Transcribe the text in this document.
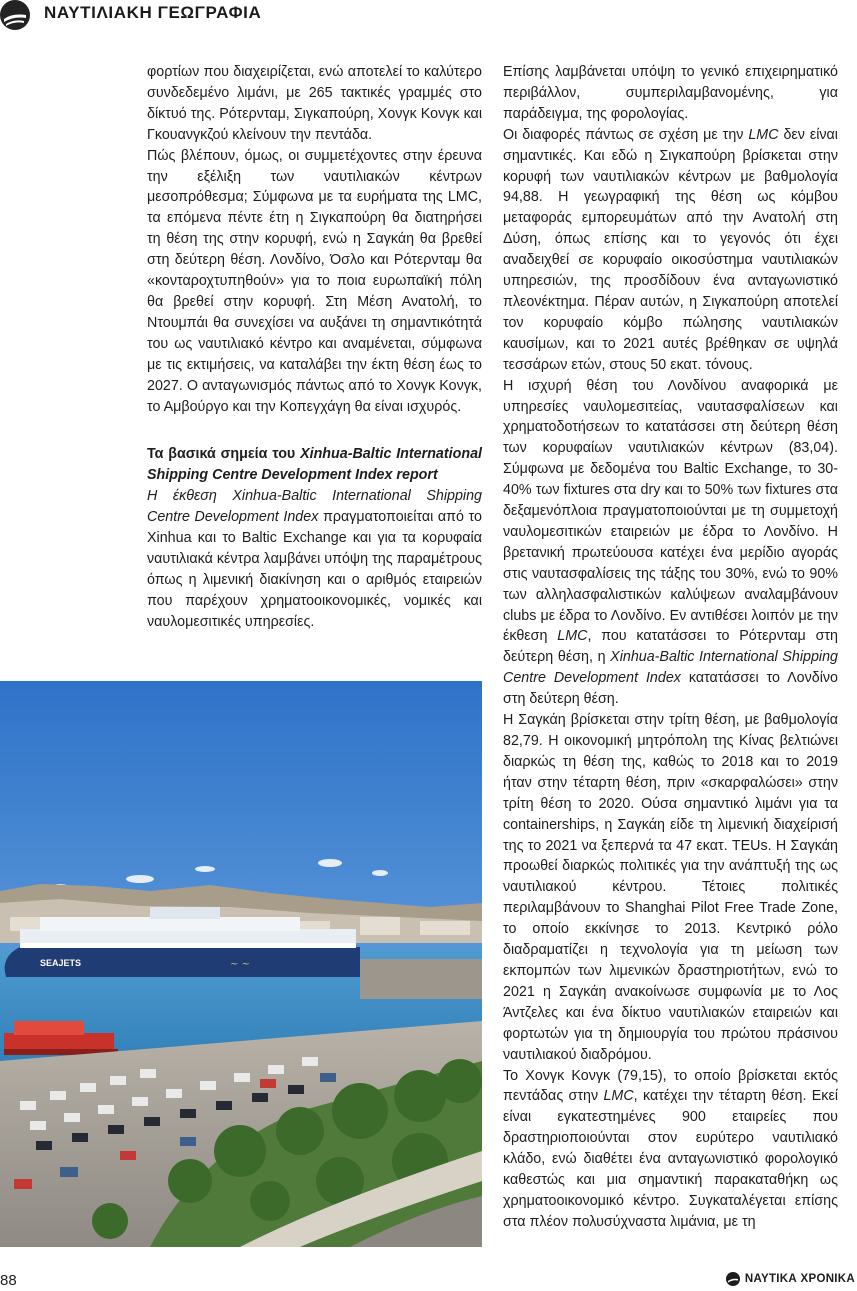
ΝΑΥΤΙΛΙΑΚΗ ΓΕΩΓΡΑΦΙΑ

φορτίων που διαχειρίζεται, ενώ αποτελεί το καλύτερο συνδεδεμένο λιμάνι, με 265 τακτικές γραμμές στο δίκτυό της. Ρότερνταμ, Σιγκαπούρη, Χονγκ Κονγκ και Γκουανγκζού κλείνουν την πεντάδα.

Πώς βλέπουν, όμως, οι συμμετέχοντες στην έρευνα την εξέλιξη των ναυτιλιακών κέντρων μεσοπρόθεσμα; Σύμφωνα με τα ευρήματα της LMC, τα επόμενα πέντε έτη η Σιγκαπούρη θα διατηρήσει τη θέση της στην κορυφή, ενώ η Σαγκάη θα βρεθεί στη δεύτερη θέση. Λονδίνο, Όσλο και Ρότερνταμ θα «κονταροχτυπηθούν» για το ποια ευρωπαϊκή πόλη θα βρεθεί στην κορυφή. Στη Μέση Ανατολή, το Ντουμπάι θα συνεχίσει να αυξάνει τη σημαντικότητά του ως ναυτιλιακό κέντρο και αναμένεται, σύμφωνα με τις εκτιμήσεις, να καταλάβει την έκτη θέση έως το 2027. Ο ανταγωνισμός πάντως από το Χονγκ Κονγκ, το Αμβούργο και την Κοπεγχάγη θα είναι ισχυρός.

Τα βασικά σημεία του Xinhua-Baltic International Shipping Centre Development Index report

Η έκθεση Xinhua-Baltic International Shipping Centre Development Index πραγματοποιείται από το Xinhua και το Baltic Exchange και για τα κορυφαία ναυτιλιακά κέντρα λαμβάνει υπόψη της παραμέτρους όπως η λιμενική διακίνηση και ο αριθμός εταιρειών που παρέχουν χρηματοοικονομικές, νομικές και ναυλομεσιτικές υπηρεσίες.

Επίσης λαμβάνεται υπόψη το γενικό επιχειρηματικό περιβάλλον, συμπεριλαμβανομένης, για παράδειγμα, της φορολογίας.

Οι διαφορές πάντως σε σχέση με την LMC δεν είναι σημαντικές. Και εδώ η Σιγκαπούρη βρίσκεται στην κορυφή των ναυτιλιακών κέντρων με βαθμολογία 94,88. Η γεωγραφική της θέση ως κόμβου μεταφοράς εμπορευμάτων από την Ανατολή στη Δύση, όπως επίσης και το γεγονός ότι έχει αναδειχθεί σε κορυφαίο οικοσύστημα ναυτιλιακών υπηρεσιών, της προσδίδουν ένα ανταγωνιστικό πλεονέκτημα. Πέραν αυτών, η Σιγκαπούρη αποτελεί τον κορυφαίο κόμβο πώλησης ναυτιλιακών καυσίμων, και το 2021 αυτές βρέθηκαν σε υψηλά τεσσάρων ετών, στους 50 εκατ. τόνους.

Η ισχυρή θέση του Λονδίνου αναφορικά με υπηρεσίες ναυλομεσιτείας, ναυτασφαλίσεων και χρηματοδοτήσεων το κατατάσσει στη δεύτερη θέση των κορυφαίων ναυτιλιακών κέντρων (83,04). Σύμφωνα με δεδομένα του Baltic Exchange, το 30-40% των fixtures στα dry και το 50% των fixtures στα δεξαμενόπλοια πραγματοποιούνται με τη συμμετοχή ναυλομεσιτικών εταιρειών με έδρα το Λονδίνο. Η βρετανική πρωτεύουσα κατέχει ένα μερίδιο αγοράς στις ναυτασφαλίσεις της τάξης του 30%, ενώ το 90% των αλληλασφαλιστικών καλύψεων αναλαμβάνουν clubs με έδρα το Λονδίνο. Εν αντιθέσει λοιπόν με την έκθεση LMC, που κατατάσσει το Ρότερνταμ στη δεύτερη θέση, η Xinhua-Baltic International Shipping Centre Development Index κατατάσσει το Λονδίνο στη δεύτερη θέση.

Η Σαγκάη βρίσκεται στην τρίτη θέση, με βαθμολογία 82,79. Η οικονομική μητρόπολη της Κίνας βελτιώνει διαρκώς τη θέση της, καθώς το 2018 και το 2019 ήταν στην τέταρτη θέση, πριν «σκαρφαλώσει» στην τρίτη θέση το 2020. Ούσα σημαντικό λιμάνι για τα containerships, η Σαγκάη είδε τη λιμενική διαχείρισή της το 2021 να ξεπερνά τα 47 εκατ. TEUs. Η Σαγκάη προωθεί διαρκώς πολιτικές για την ανάπτυξή της ως ναυτιλιακού κέντρου. Τέτοιες πολιτικές περιλαμβάνουν το Shanghai Pilot Free Trade Zone, το οποίο εκκίνησε το 2013. Κεντρικό ρόλο διαδραματίζει η τεχνολογία για τη μείωση των εκπομπών των λιμενικών δραστηριοτήτων, ενώ το 2021 η Σαγκάη ανακοίνωσε συμφωνία με το Λος Άντζελες και ένα δίκτυο ναυτιλιακών εταιρειών και φορτωτών για τη δημιουργία του πρώτου πράσινου ναυτιλιακού διαδρόμου.

Το Χονγκ Κονγκ (79,15), το οποίο βρίσκεται εκτός πεντάδας στην LMC, κατέχει την τέταρτη θέση. Εκεί είναι εγκατεστημένες 900 εταιρείες που δραστηριοποιούνται στον ευρύτερο ναυτιλιακό κλάδο, ενώ διαθέτει ένα ανταγωνιστικό φορολογικό καθεστώς και μια σημαντική παρακαταθήκη ως χρηματοοικονομικό κέντρο. Συγκαταλέγεται επίσης στα πλέον πολυσύχναστα λιμάνια, με τη

SEAJETS	~ ~
88	ΝΑΥΤΙΚΑ ΧΡΟΝΙΚΑ
